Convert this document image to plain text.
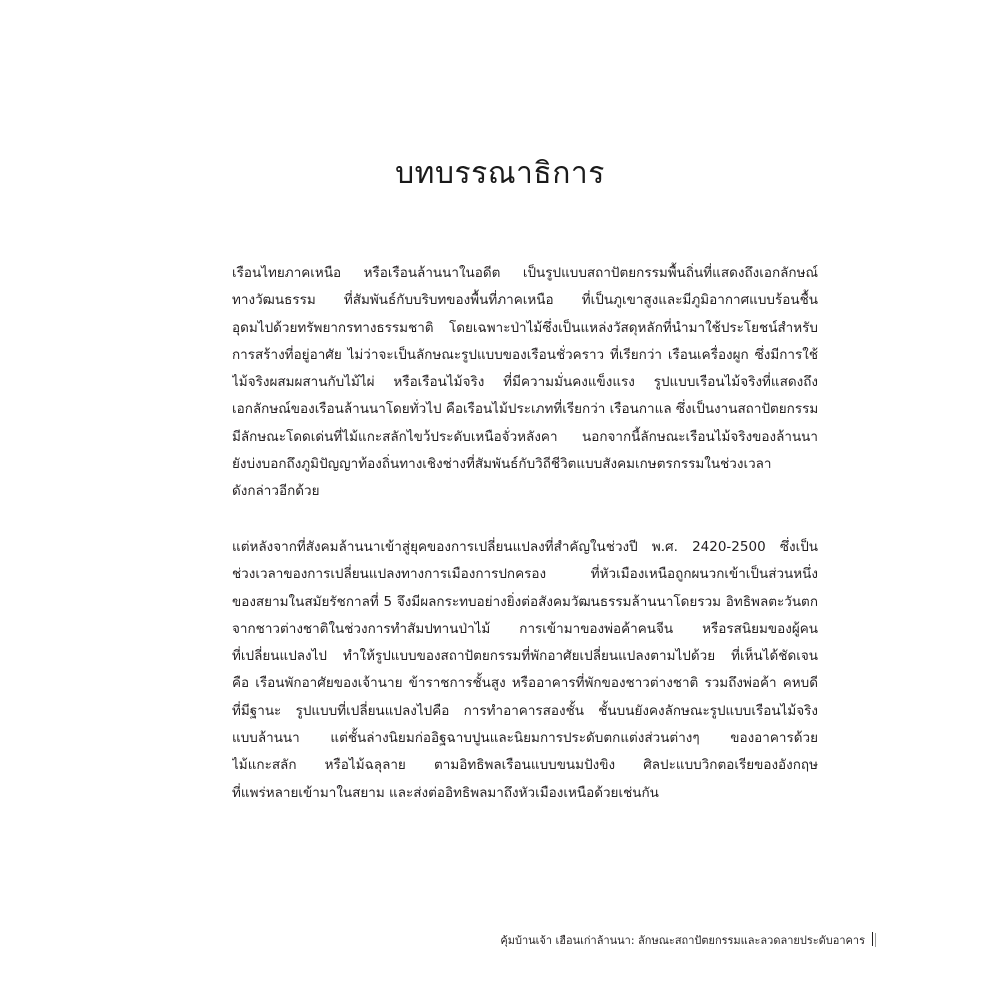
บทบรรณาธิการ

เรือนไทยภาคเหนือ หรือเรือนล้านนาในอดีต เป็นรูปแบบสถาปัตยกรรมพื้นถิ่นที่แสดงถึงเอกลักษณ์
ทางวัฒนธรรม ที่สัมพันธ์กับบริบทของพื้นที่ภาคเหนือ ที่เป็นภูเขาสูงและมีภูมิอากาศแบบร้อนชื้น
อุดมไปด้วยทรัพยากรทางธรรมชาติ โดยเฉพาะป่าไม้ซึ่งเป็นแหล่งวัสดุหลักที่นำมาใช้ประโยชน์สำหรับ
การสร้างที่อยู่อาศัย ไม่ว่าจะเป็นลักษณะรูปแบบของเรือนชั่วคราว ที่เรียกว่า เรือนเครื่องผูก ซึ่งมีการใช้
ไม้จริงผสมผสานกับไม้ไผ่ หรือเรือนไม้จริง ที่มีความมั่นคงแข็งแรง รูปแบบเรือนไม้จริงที่แสดงถึง
เอกลักษณ์ของเรือนล้านนาโดยทั่วไป คือเรือนไม้ประเภทที่เรียกว่า เรือนกาแล ซึ่งเป็นงานสถาปัตยกรรม
มีลักษณะโดดเด่นที่ไม้แกะสลักไขว้ประดับเหนือจั่วหลังคา นอกจากนี้ลักษณะเรือนไม้จริงของล้านนา
ยังบ่งบอกถึงภูมิปัญญาท้องถิ่นทางเชิงช่างที่สัมพันธ์กับวิถีชีวิตแบบสังคมเกษตรกรรมในช่วงเวลา
ดังกล่าวอีกด้วย

แต่หลังจากที่สังคมล้านนาเข้าสู่ยุคของการเปลี่ยนแปลงที่สำคัญในช่วงปี พ.ศ. 2420-2500 ซึ่งเป็น
ช่วงเวลาของการเปลี่ยนแปลงทางการเมืองการปกครอง ที่หัวเมืองเหนือถูกผนวกเข้าเป็นส่วนหนึ่ง
ของสยามในสมัยรัชกาลที่ 5 จึงมีผลกระทบอย่างยิ่งต่อสังคมวัฒนธรรมล้านนาโดยรวม อิทธิพลตะวันตก
จากชาวต่างชาติในช่วงการทำสัมปทานป่าไม้ การเข้ามาของพ่อค้าคนจีน หรือรสนิยมของผู้คน
ที่เปลี่ยนแปลงไป ทำให้รูปแบบของสถาปัตยกรรมที่พักอาศัยเปลี่ยนแปลงตามไปด้วย ที่เห็นได้ชัดเจน
คือ เรือนพักอาศัยของเจ้านาย ข้าราชการชั้นสูง หรืออาคารที่พักของชาวต่างชาติ รวมถึงพ่อค้า คหบดี
ที่มีฐานะ รูปแบบที่เปลี่ยนแปลงไปคือ การทำอาคารสองชั้น ชั้นบนยังคงลักษณะรูปแบบเรือนไม้จริง
แบบล้านนา แต่ชั้นล่างนิยมก่ออิฐฉาบปูนและนิยมการประดับตกแต่งส่วนต่างๆ ของอาคารด้วย
ไม้แกะสลัก หรือไม้ฉลุลาย ตามอิทธิพลเรือนแบบขนมปังขิง ศิลปะแบบวิกตอเรียของอังกฤษ
ที่แพร่หลายเข้ามาในสยาม และส่งต่ออิทธิพลมาถึงหัวเมืองเหนือด้วยเช่นกัน

คุ้มบ้านเจ้า เฮือนเก่าล้านนา: ลักษณะสถาปัตยกรรมและลวดลายประดับอาคาร
